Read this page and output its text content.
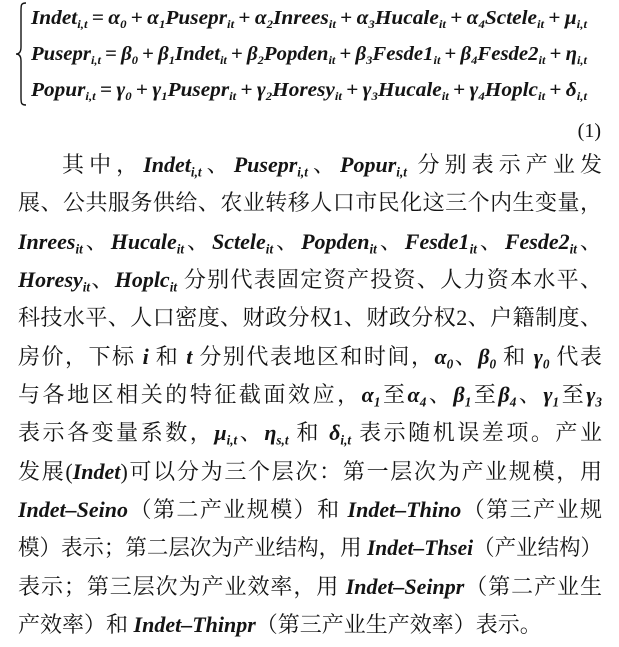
$Indet_{i,t} = \alpha_0$ + $\alpha_1Pusepr_{it}$ + $\alpha_2Inrees_{it}$ + $\alpha_3Hucale_{it}$ + $\alpha_4Sctele_{it} + \mu_{i,t}$
Pusepr$_{i,t}$ = $\beta_0 + \beta_1Indet_{it}$ + $\beta_2Popden_{it}$ + $\beta_3Fesde1_{it}$ + $\beta_4Fesde2_{it} + \eta_{i,t}$
Popur$_{i,t}$ = $\gamma_0$ + $\gamma_1Pusepr_{it}$ + $\gamma_2Horesy_{it}$ + $\gamma_3Hucale_{it}$ + $\gamma_4Hoplc_{it} + \delta_{i,t}$
(1)
其中，Indet$_{i,t}$、Pusepr$_{i,t}$、Popur$_{i,t}$ 分别表示产业发
展、公共服务供给、农业转移人口市民化这三个内生变量，
Inrees$_{it}$、Hucale$_{it}$、Sctele$_{it}$、Popden$_{it}$、$Fesde1_{it}$、$Fesde2_{it}$、
Horesy$_{it}$、Hoplc$_{it}$ 分别代表固定资产投资、人力资本水平、
科技水平、人口密度、财政分权1、财政分权2、户籍制度、
房价，下标 i 和 t 分别代表地区和时间，$\alpha_0$、$\beta_0$ 和 $\gamma_0$ 代表
与各地区相关的特征截面效应，$\alpha_1$至$\alpha_4$、$\beta_1$至$\beta_4$、$\gamma_1$至$\gamma_3$
表示各变量系数，$\mu_{i,t}$、$\eta_{s,t}$ 和 $\delta_{i,t}$ 表示随机误差项。产业
发展(Indet)可以分为三个层次：第一层次为产业规模，用
Indet–Seino（第二产业规模）和 Indet–Thino（第三产业规
模）表示；第二层次为产业结构，用 Indet–Thsei（产业结构）
表示；第三层次为产业效率，用 Indet–Seinpr（第二产业生
产效率）和 Indet–Thinpr（第三产业生产效率）表示。
